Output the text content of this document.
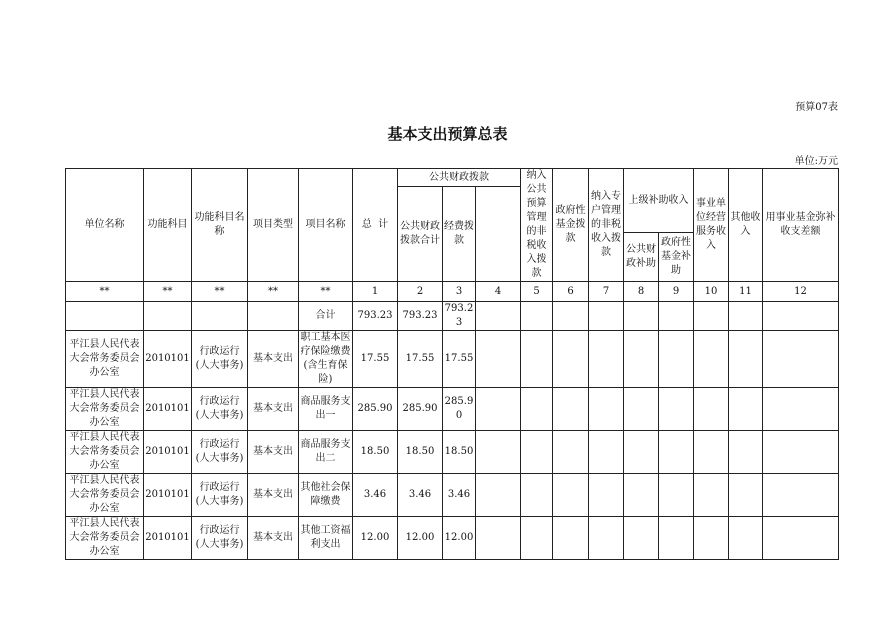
预算07表
基本支出预算总表
单位:万元
单位名称	功能科目	功能科目名称	项目类型	项目名称	总  计	公共财政拨款			纳入公共预算管理的非税收入拨款	政府性基金拨款	纳入专户管理的非税收入拨款	上级补助收入		事业单位经营服务收入	其他收入	用事业基金弥补收支差额	
						公共财政拨款合计	经费拨款										
												公共财政补助	政府性基金补助				
**	**	**	**	**	1	2	3	4	5	6	7	8	9	10	11	12	
				合计	793.23	793.23	793.23										
平江县人民代表大会常务委员会办公室	2010101	行政运行(人大事务)	基本支出	职工基本医疗保险缴费(含生育保险)	17.55	17.55	17.55										
平江县人民代表大会常务委员会办公室	2010101	行政运行(人大事务)	基本支出	商品服务支出一	285.90	285.90	285.90										
平江县人民代表大会常务委员会办公室	2010101	行政运行(人大事务)	基本支出	商品服务支出二	18.50	18.50	18.50										
平江县人民代表大会常务委员会办公室	2010101	行政运行(人大事务)	基本支出	其他社会保障缴费	3.46	3.46	3.46										
平江县人民代表大会常务委员会办公室	2010101	行政运行(人大事务)	基本支出	其他工资福利支出	12.00	12.00	12.00										
